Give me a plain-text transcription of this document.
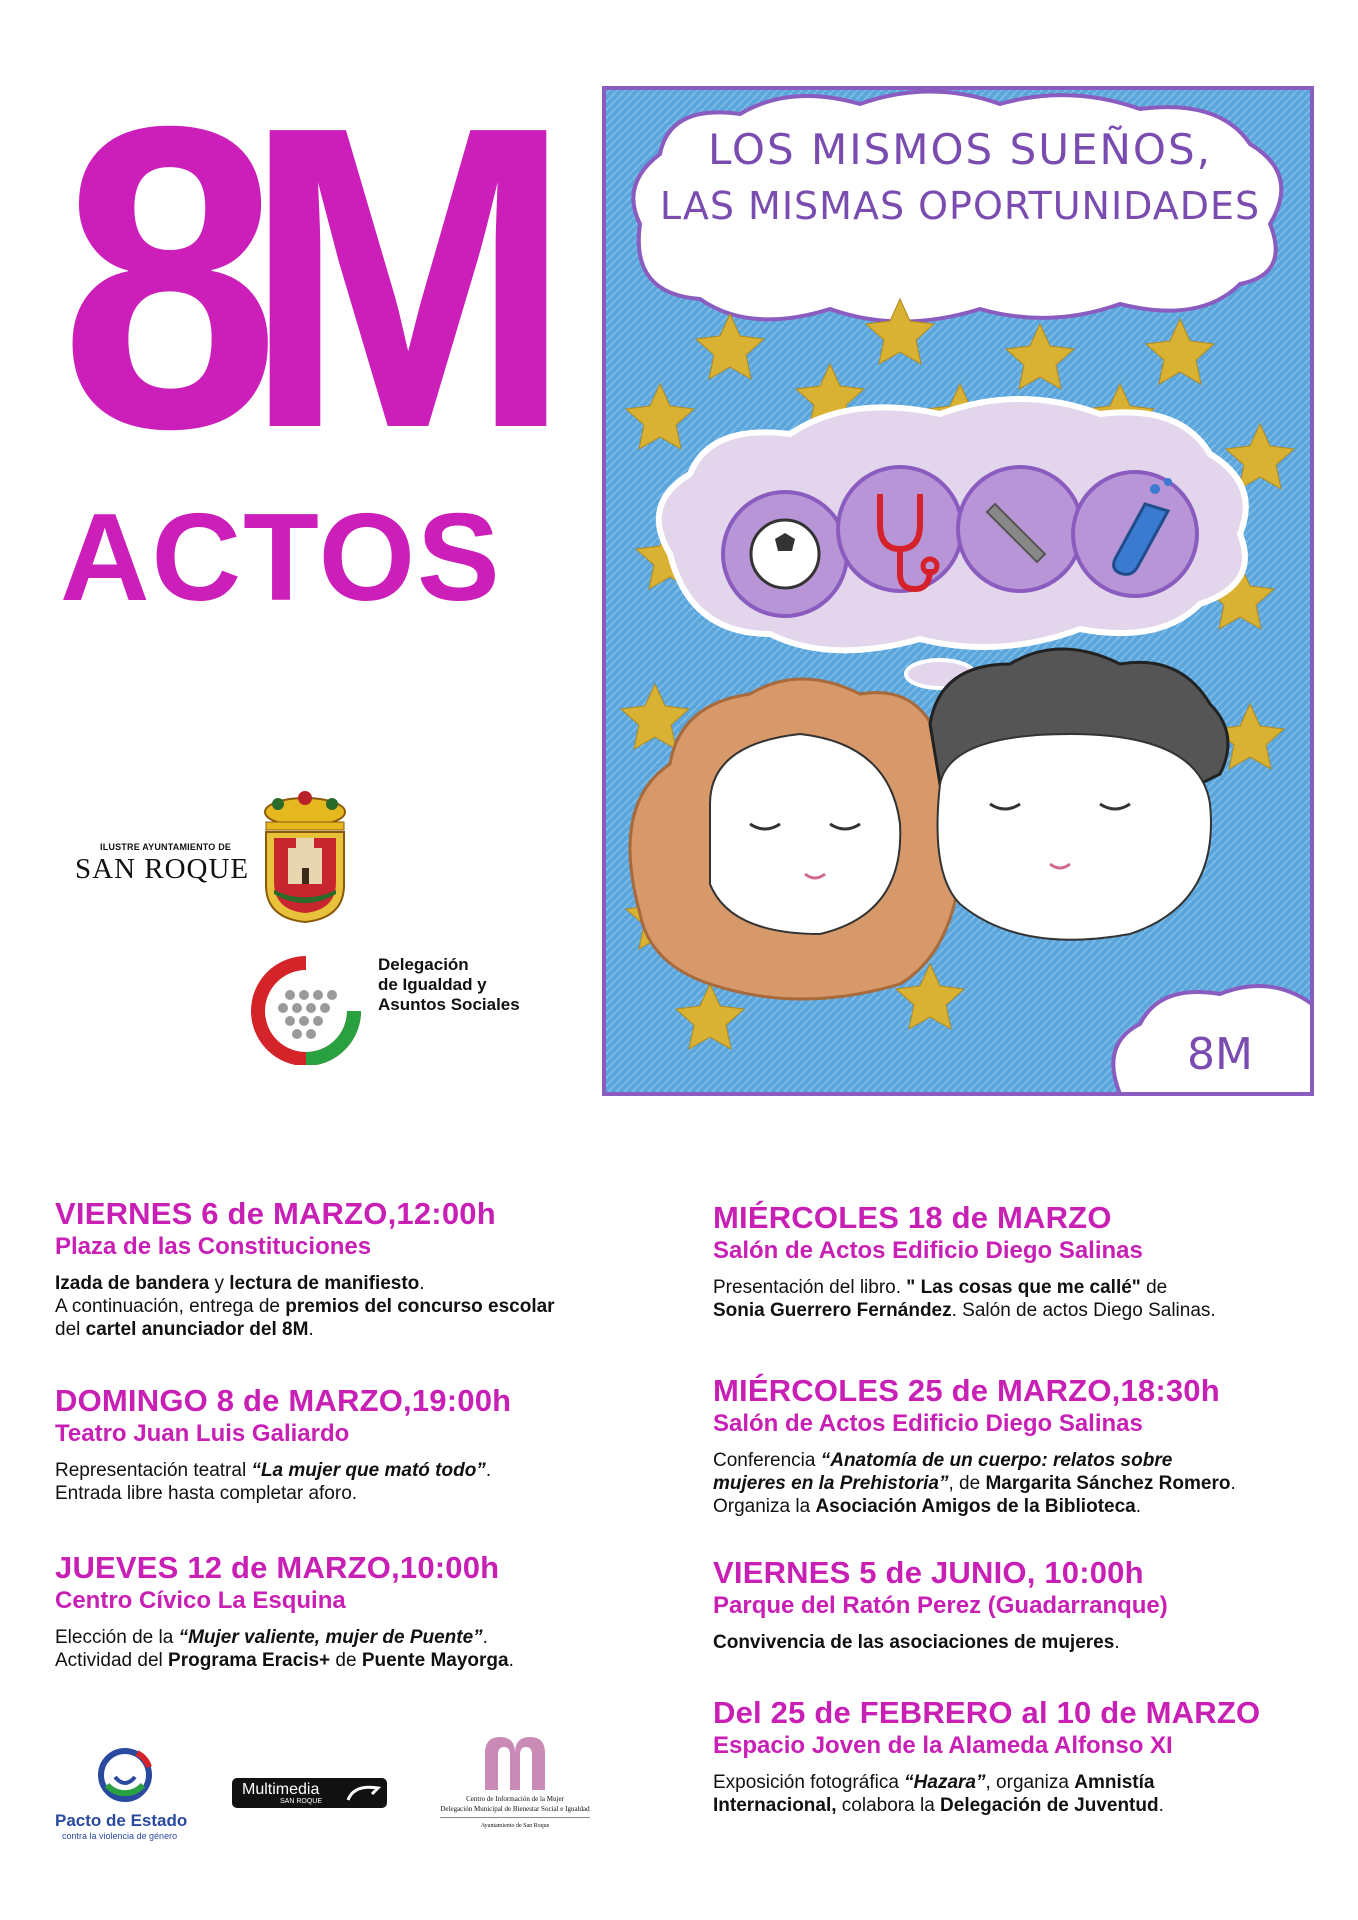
8M
ACTOS
ILUSTRE AYUNTAMIENTO DE
SAN ROQUE
Delegación
de Igualdad y
Asuntos Sociales
LOS MISMOS SUEÑOS,
LAS MISMAS OPORTUNIDADES
8M
VIERNES 6 de MARZO,12:00h
Plaza de las Constituciones
Izada de bandera y lectura de manifiesto.
A continuación, entrega de premios del concurso escolar
del cartel anunciador del 8M.
DOMINGO 8 de MARZO,19:00h
Teatro Juan Luis Galiardo
Representación teatral “La mujer que mató todo”.
Entrada libre hasta completar aforo.
JUEVES 12 de MARZO,10:00h
Centro Cívico La Esquina
Elección de la “Mujer valiente, mujer de Puente”.
Actividad del Programa Eracis+ de Puente Mayorga.
MIÉRCOLES 18 de MARZO
Salón de Actos Edificio Diego Salinas
Presentación del libro. " Las cosas que me callé" de
Sonia Guerrero Fernández. Salón de actos Diego Salinas.
MIÉRCOLES 25 de MARZO,18:30h
Salón de Actos Edificio Diego Salinas
Conferencia “Anatomía de un cuerpo: relatos sobre
mujeres en la Prehistoria”, de Margarita Sánchez Romero.
Organiza la Asociación Amigos de la Biblioteca.
VIERNES 5 de JUNIO, 10:00h
Parque del Ratón Perez (Guadarranque)
Convivencia de las asociaciones de mujeres.
Del 25 de FEBRERO al 10 de MARZO
Espacio Joven de la Alameda Alfonso XI
Exposición fotográfica “Hazara”, organiza Amnistía
Internacional, colabora la Delegación de Juventud.
Pacto de Estado
contra la violencia de género
Multimedia
SAN ROQUE	Centro de Información de la Mujer
Delegación Municipal de Bienestar Social e Igualdad
Ayuntamiento de San Roque
